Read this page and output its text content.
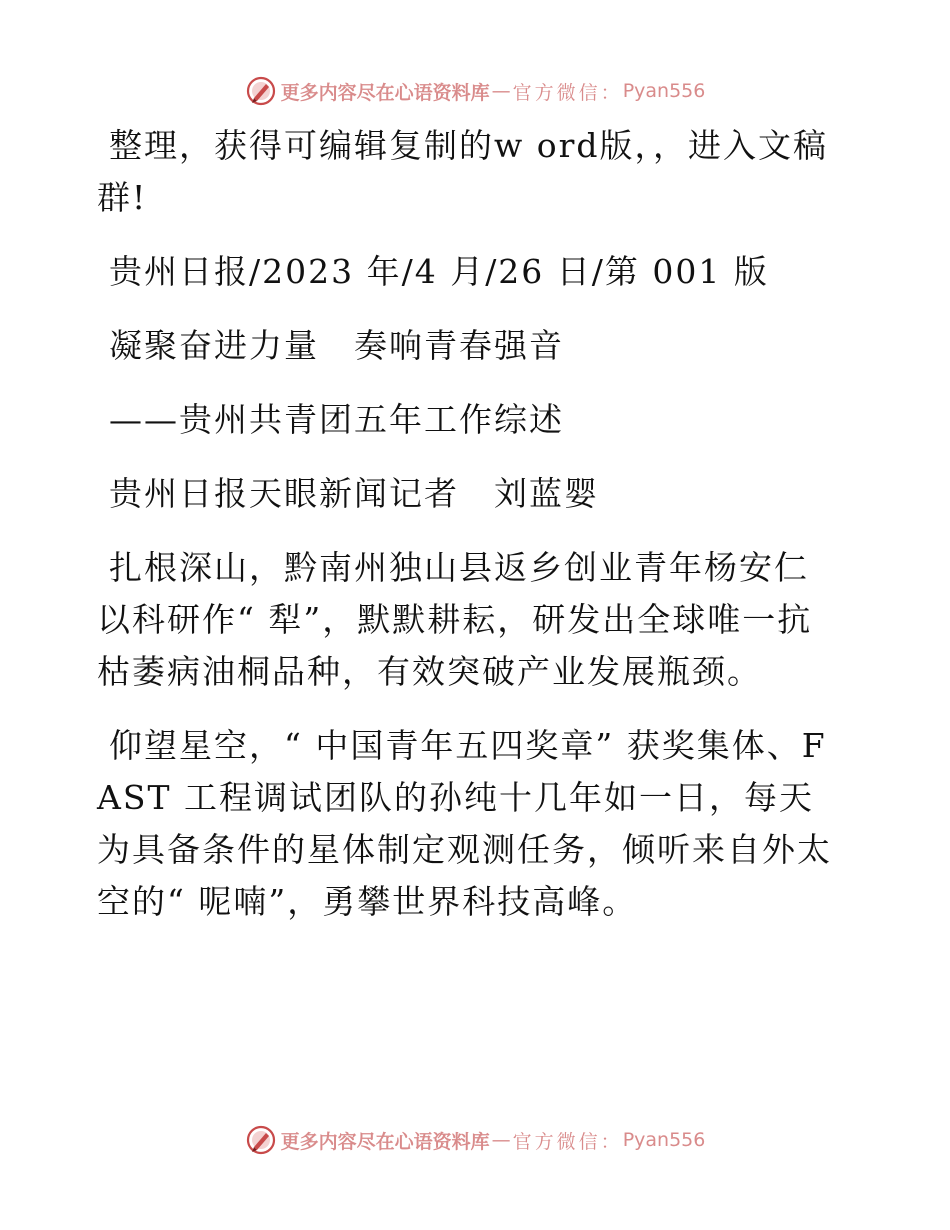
更多内容尽在心语资料库 — 官方微信： Pyan556

整理，获得可编辑复制的w ord版，，进入文稿群!

贵州日报/2023 年/4 月/26 日/第 001 版

凝聚奋进力量　奏响青春强音

——贵州共青团五年工作综述

贵州日报天眼新闻记者　刘蓝婴

扎根深山，黔南州独山县返乡创业青年杨安仁以科研作“ 犁”，默默耕耘，研发出全球唯一抗枯萎病油桐品种，有效突破产业发展瓶颈。

仰望星空，“ 中国青年五四奖章” 获奖集体、FAST 工程调试团队的孙纯十几年如一日，每天为具备条件的星体制定观测任务，倾听来自外太空的“ 呢喃”，勇攀世界科技高峰。

更多内容尽在心语资料库 — 官方微信： Pyan556
